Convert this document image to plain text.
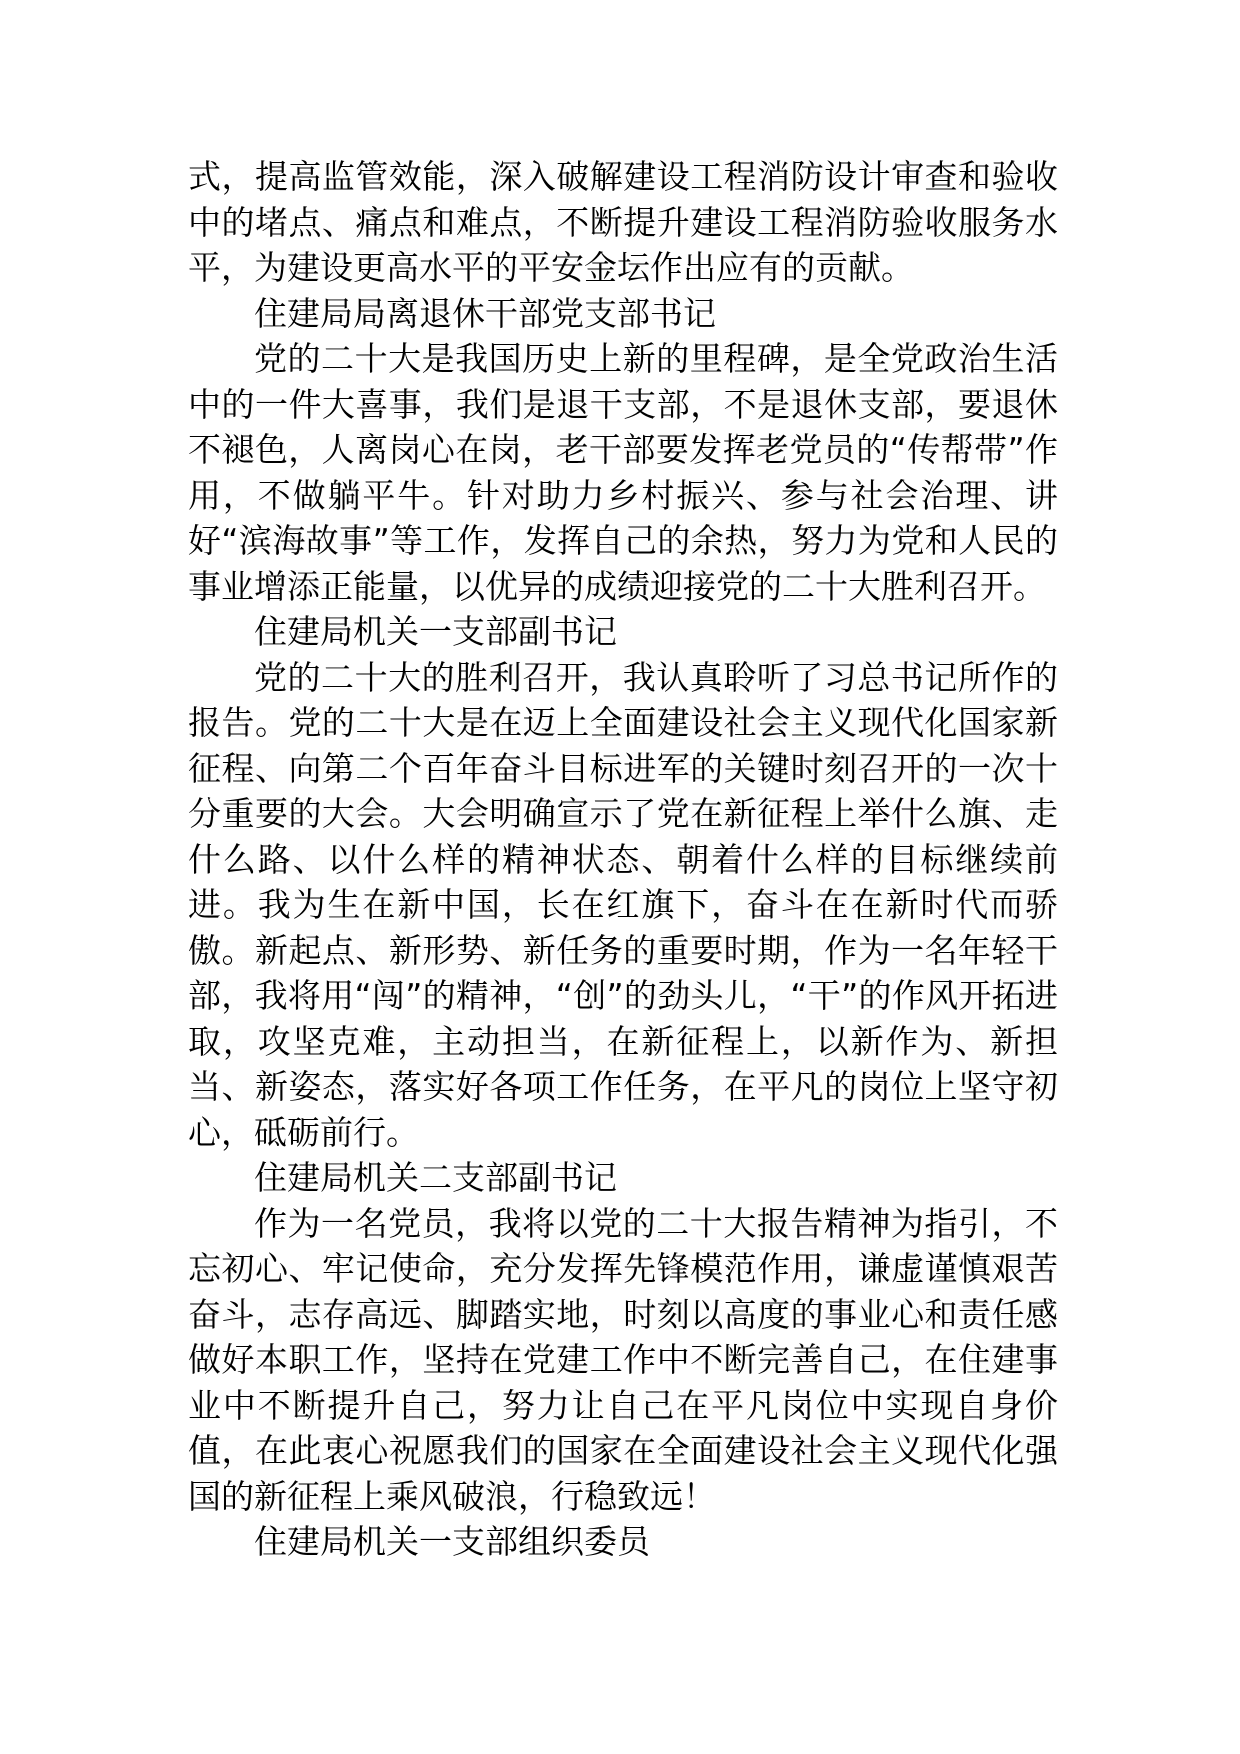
式，提高监管效能，深入破解建设工程消防设计审查和验收中的堵点、痛点和难点，不断提升建设工程消防验收服务水平，为建设更高水平的平安金坛作出应有的贡献。

住建局局离退休干部党支部书记

党的二十大是我国历史上新的里程碑，是全党政治生活中的一件大喜事，我们是退干支部，不是退休支部，要退休不褪色，人离岗心在岗，老干部要发挥老党员的“传帮带”作用，不做躺平牛。针对助力乡村振兴、参与社会治理、讲好“滨海故事”等工作，发挥自己的余热，努力为党和人民的事业增添正能量，以优异的成绩迎接党的二十大胜利召开。

住建局机关一支部副书记

党的二十大的胜利召开，我认真聆听了习总书记所作的报告。党的二十大是在迈上全面建设社会主义现代化国家新征程、向第二个百年奋斗目标进军的关键时刻召开的一次十分重要的大会。大会明确宣示了党在新征程上举什么旗、走什么路、以什么样的精神状态、朝着什么样的目标继续前进。我为生在新中国，长在红旗下，奋斗在在新时代而骄傲。新起点、新形势、新任务的重要时期，作为一名年轻干部，我将用“闯”的精神，“创”的劲头儿，“干”的作风开拓进取，攻坚克难，主动担当，在新征程上，以新作为、新担当、新姿态，落实好各项工作任务，在平凡的岗位上坚守初心，砥砺前行。

住建局机关二支部副书记

作为一名党员，我将以党的二十大报告精神为指引，不忘初心、牢记使命，充分发挥先锋模范作用，谦虚谨慎艰苦奋斗，志存高远、脚踏实地，时刻以高度的事业心和责任感做好本职工作，坚持在党建工作中不断完善自己，在住建事业中不断提升自己，努力让自己在平凡岗位中实现自身价值，在此衷心祝愿我们的国家在全面建设社会主义现代化强国的新征程上乘风破浪，行稳致远！

住建局机关一支部组织委员
